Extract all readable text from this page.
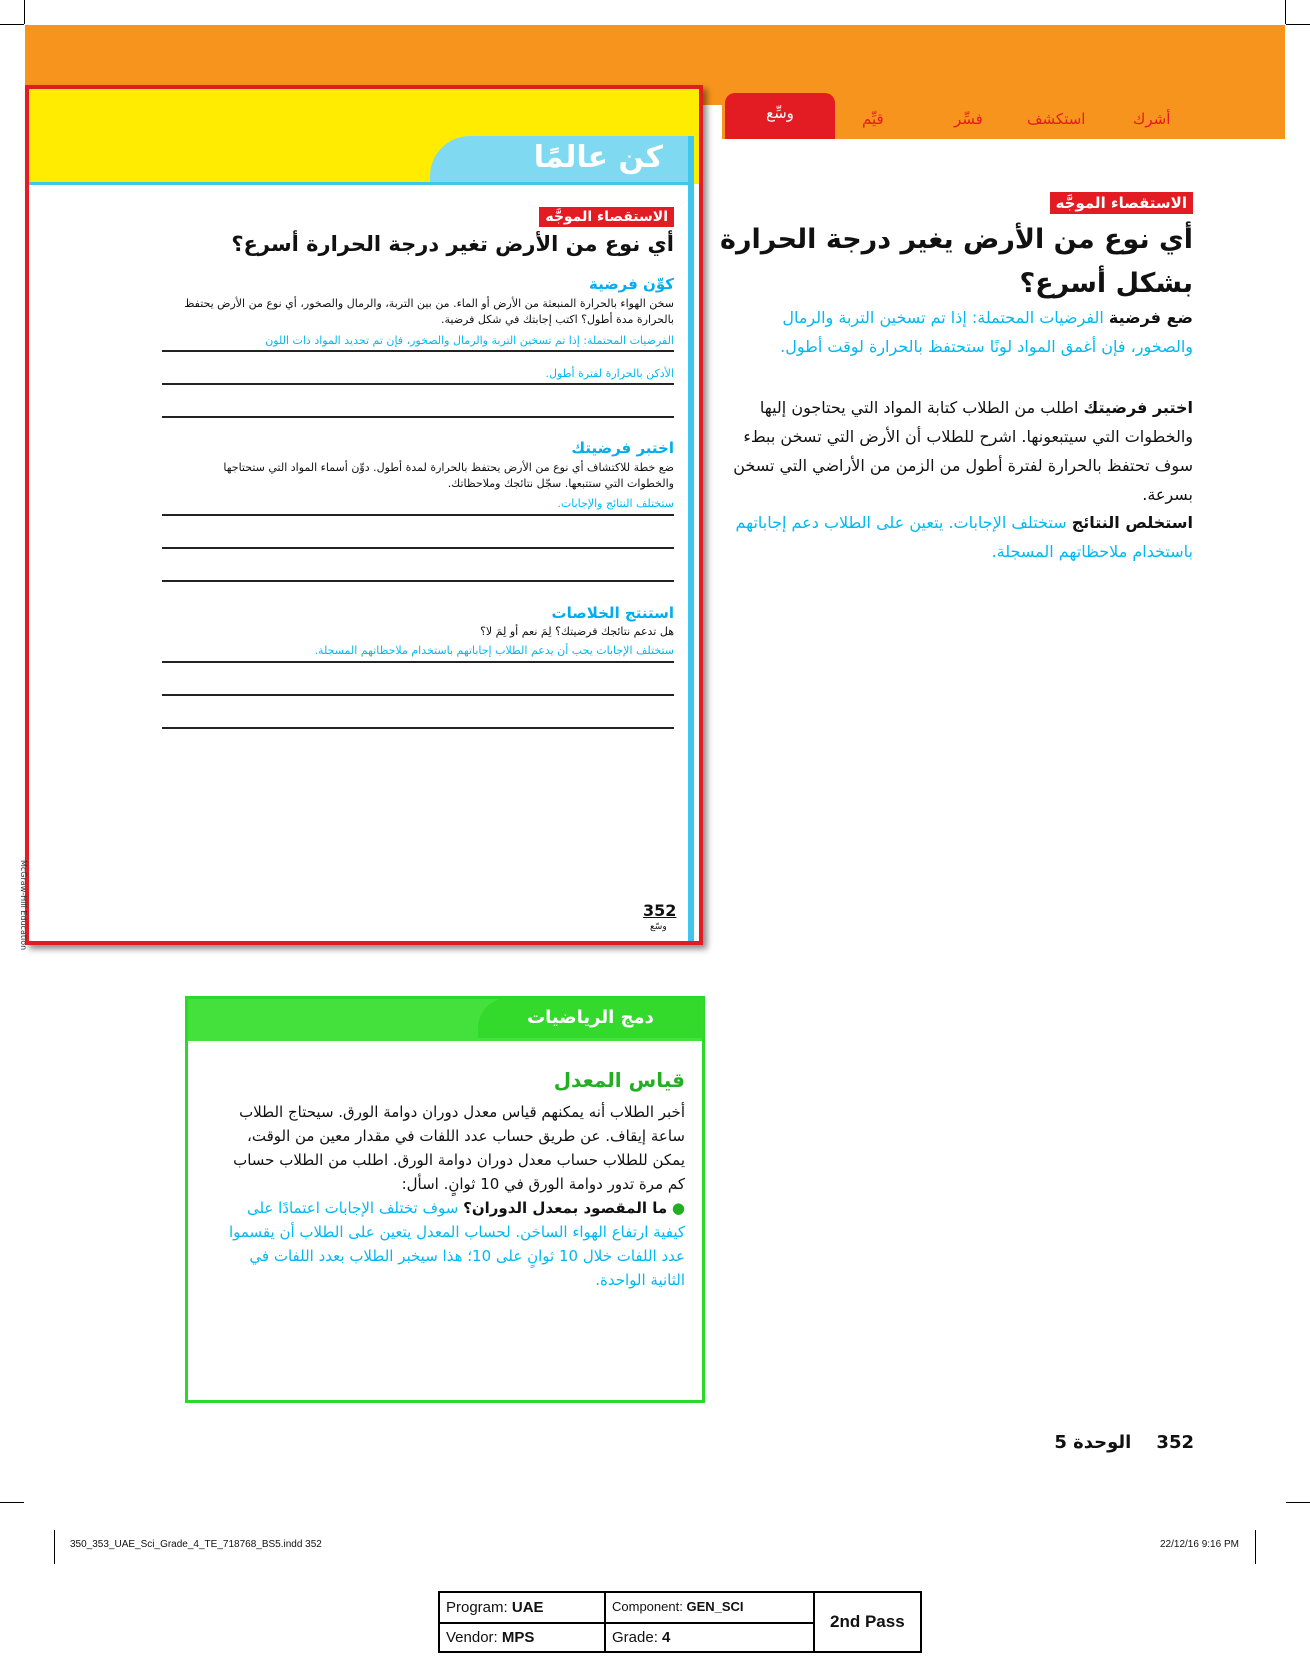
وسِّع	قيِّم	فسِّر	استكشف	أشرك
كن عالمًا
الاستقصاء الموجَّه
أي نوع من الأرض تغير درجة الحرارة أسرع؟
كوِّن فرضية
سخن الهواء بالحرارة المنبعثة من الأرض أو الماء. من بين التربة، والرمال والصخور، أي نوع من الأرض يحتفظ بالحرارة مدة أطول؟ اكتب إجابتك في شكل فرضية.
الفرضيات المحتملة: إذا تم تسخين التربة والرمال والصخور، فإن تم تحديد المواد ذات اللون
الأدكن بالحرارة لفترة أطول.
اختبر فرضيتك
ضع خطة للاكتشاف أي نوع من الأرض يحتفظ بالحرارة لمدة أطول. دوِّن أسماء المواد التي ستحتاجها والخطوات التي ستتبعها. سجّل نتائجك وملاحظاتك.
ستختلف النتائج والإجابات.
استنتج الخلاصات
هل تدعم نتائجك فرضيتك؟ لِمَ نعم أو لِمَ لا؟
ستختلف الإجابات يجب أن يدعم الطلاب إجاباتهم باستخدام ملاحظاتهم المسجلة.
McGraw-Hill Education	352
وسّع
الاستقصاء الموجَّه
أي نوع من الأرض يغير درجة الحرارة
بشكل أسرع؟
ضع فرضية الفرضيات المحتملة: إذا تم تسخين التربة والرمال والصخور، فإن أغمق المواد لونًا ستحتفظ بالحرارة لوقت أطول.
اختبر فرضيتك اطلب من الطلاب كتابة المواد التي يحتاجون إليها والخطوات التي سيتبعونها. اشرح للطلاب أن الأرض التي تسخن ببطء سوف تحتفظ بالحرارة لفترة أطول من الزمن من الأراضي التي تسخن بسرعة.
استخلص النتائج ستختلف الإجابات. يتعين على الطلاب دعم إجاباتهم باستخدام ملاحظاتهم المسجلة.
دمج الرياضيات
قياس المعدل
أخبر الطلاب أنه يمكنهم قياس معدل دوران دوامة الورق. سيحتاج الطلاب ساعة إيقاف. عن طريق حساب عدد اللفات في مقدار معين من الوقت، يمكن للطلاب حساب معدل دوران دوامة الورق. اطلب من الطلاب حساب كم مرة تدور دوامة الورق في 10 ثوانٍ. اسأل:
● ما المقصود بمعدل الدوران؟ سوف تختلف الإجابات اعتمادًا على كيفية ارتفاع الهواء الساخن. لحساب المعدل يتعين على الطلاب أن يقسموا عدد اللفات خلال 10 ثوانٍ على 10؛ هذا سيخبر الطلاب بعدد اللفات في الثانية الواحدة.
352    الوحدة 5
350_353_UAE_Sci_Grade_4_TE_718768_BS5.indd 352	22/12/16 9:16 PM
Program: UAE	Component: GEN_SCI
Vendor: MPS	Grade: 4
2nd Pass
